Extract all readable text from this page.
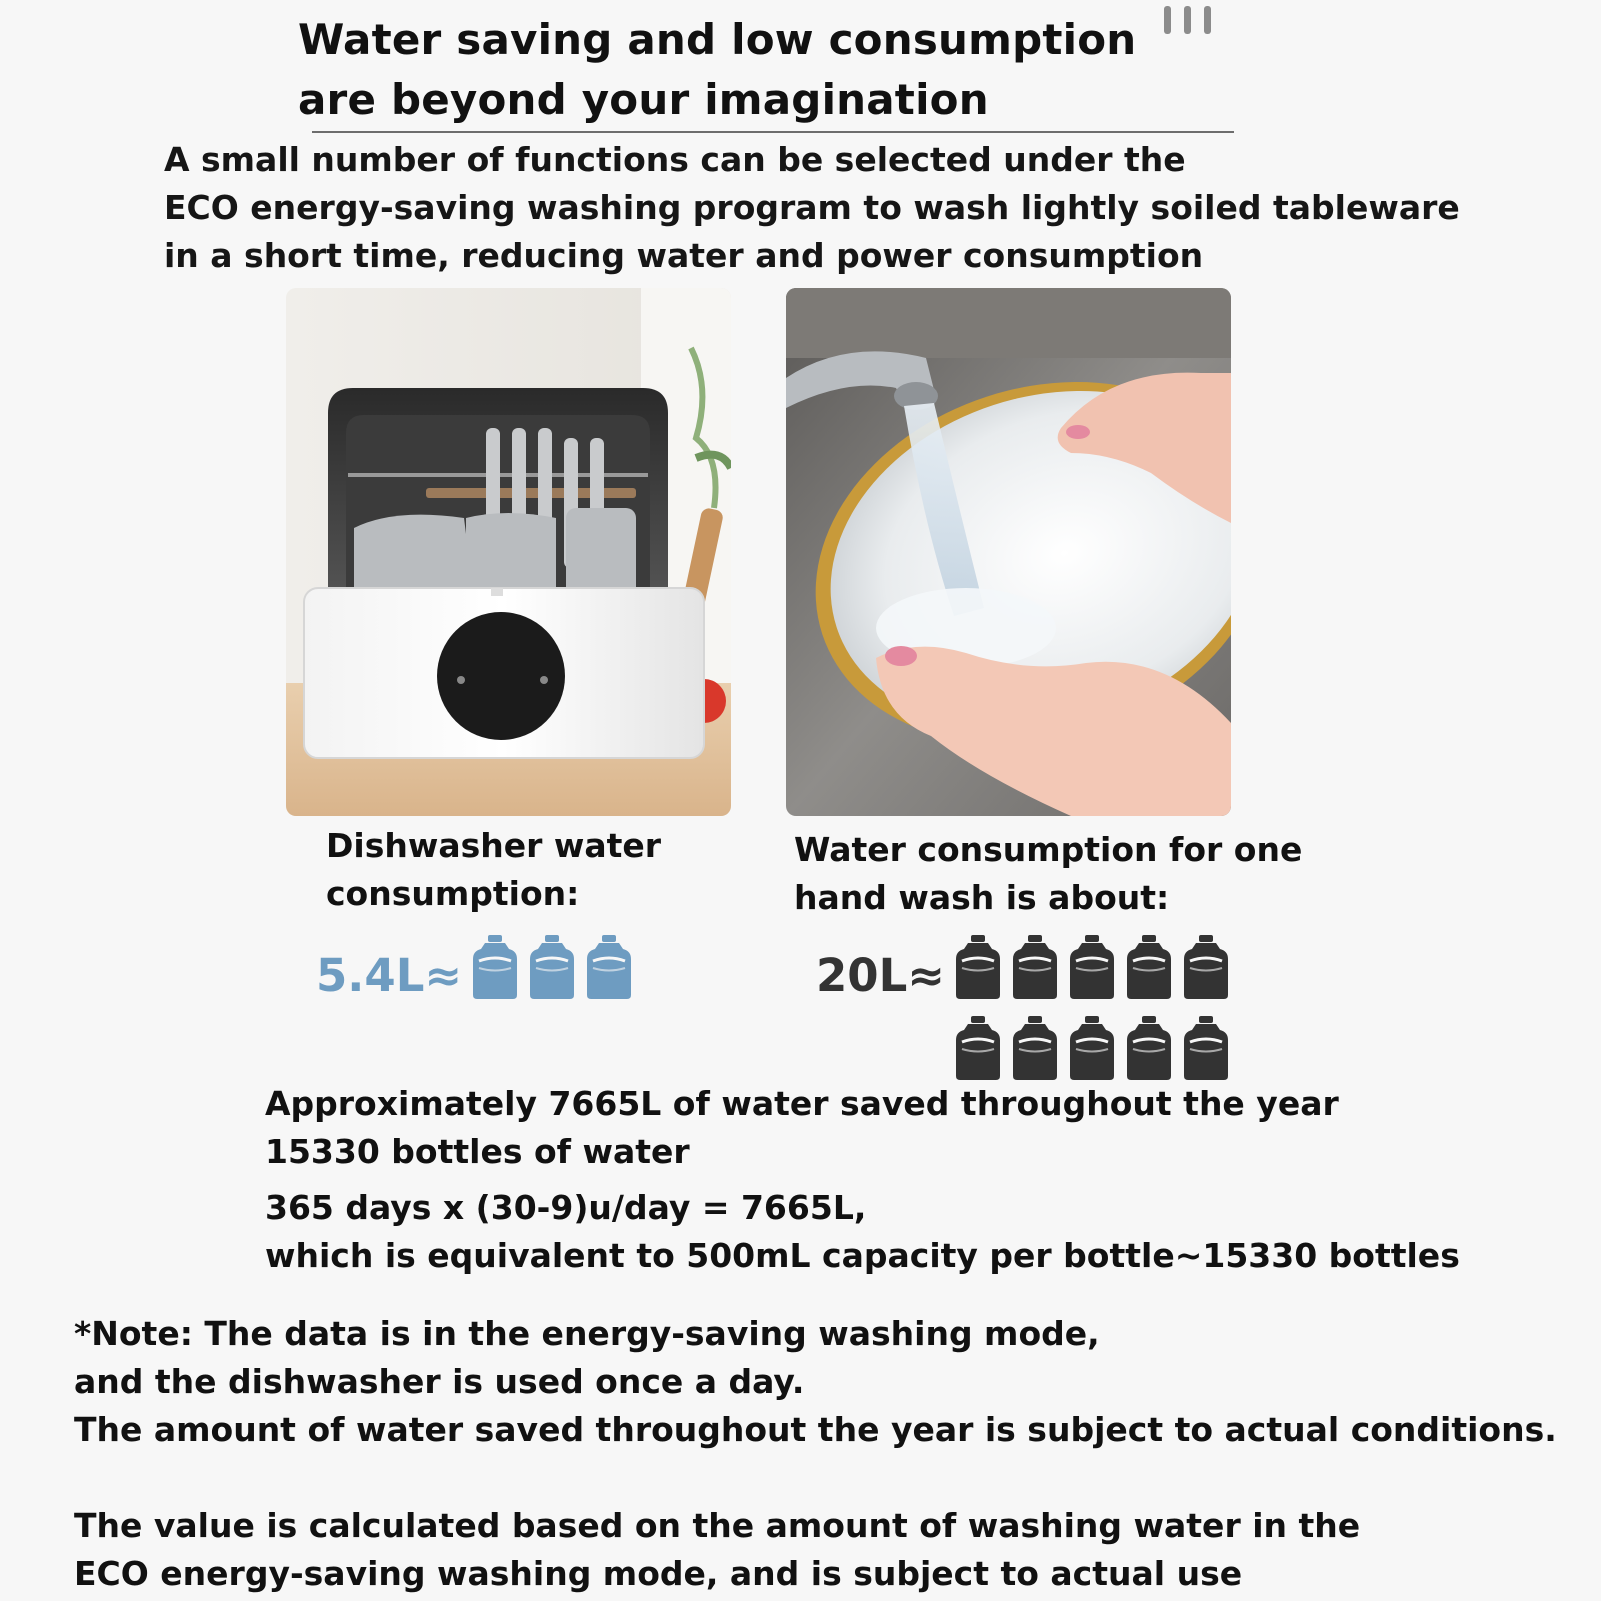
Water saving and low consumption
are beyond your imagination
A small number of functions can be selected under the
ECO energy-saving washing program to wash lightly soiled tableware
in a short time, reducing water and power consumption
Dishwasher water
consumption:
Water consumption for one
hand wash is about:
5.4L≈	20L≈
Approximately 7665L of water saved throughout the year
15330 bottles of water
365 days x (30-9)u/day = 7665L,
which is equivalent to 500mL capacity per bottle~15330 bottles
*Note: The data is in the energy-saving washing mode,
and the dishwasher is used once a day.
The amount of water saved throughout the year is subject to actual conditions.
The value is calculated based on the amount of washing water in the
ECO energy-saving washing mode, and is subject to actual use
